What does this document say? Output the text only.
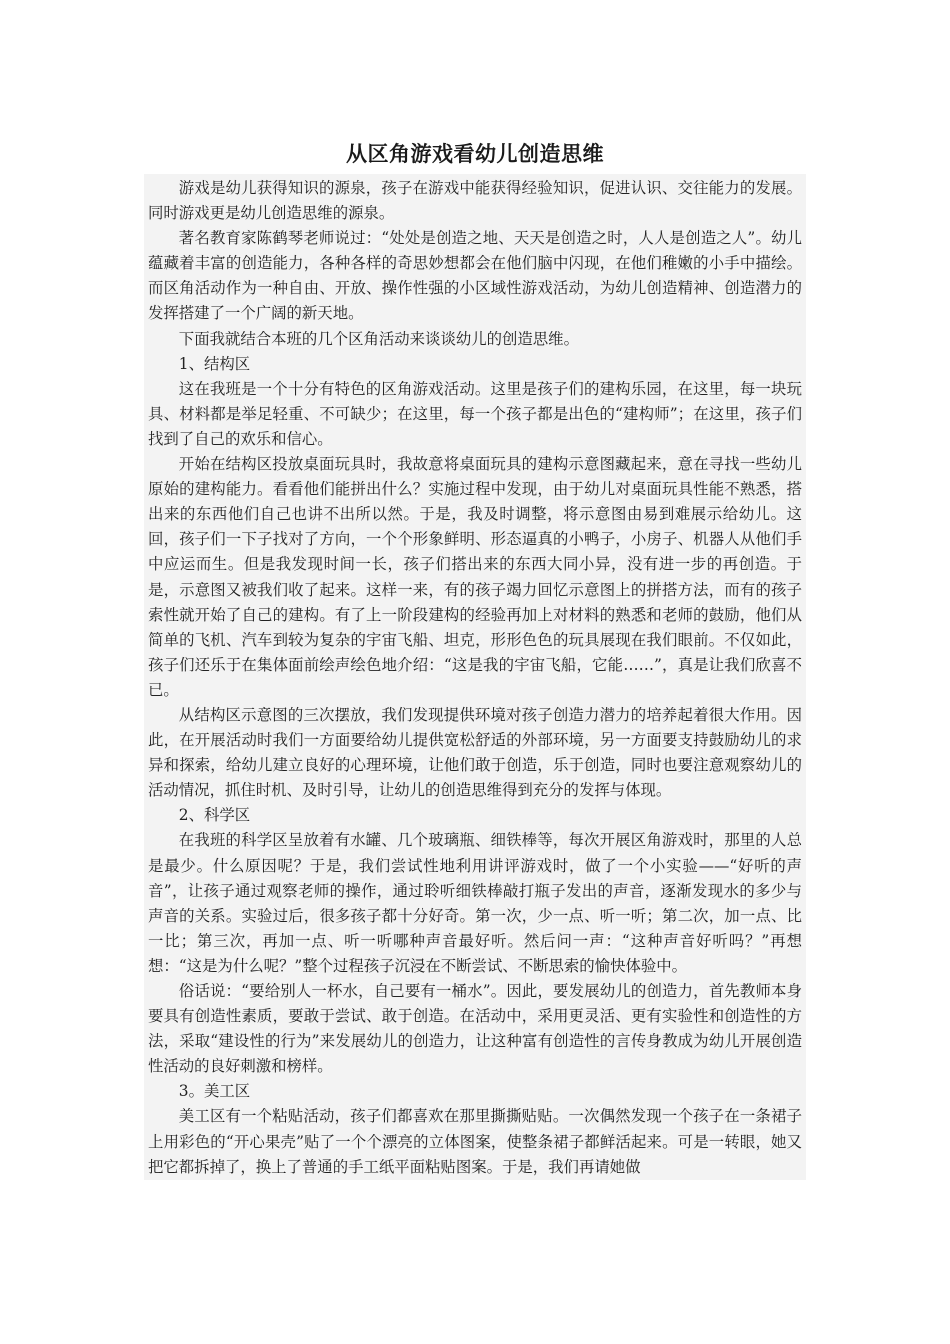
从区角游戏看幼儿创造思维

游戏是幼儿获得知识的源泉，孩子在游戏中能获得经验知识，促进认识、交往能力的发展。同时游戏更是幼儿创造思维的源泉。

著名教育家陈鹤琴老师说过：“处处是创造之地、天天是创造之时，人人是创造之人”。幼儿蕴藏着丰富的创造能力，各种各样的奇思妙想都会在他们脑中闪现，在他们稚嫩的小手中描绘。而区角活动作为一种自由、开放、操作性强的小区域性游戏活动，为幼儿创造精神、创造潜力的发挥搭建了一个广阔的新天地。

下面我就结合本班的几个区角活动来谈谈幼儿的创造思维。

1、结构区

这在我班是一个十分有特色的区角游戏活动。这里是孩子们的建构乐园，在这里，每一块玩具、材料都是举足轻重、不可缺少；在这里，每一个孩子都是出色的“建构师”；在这里，孩子们找到了自己的欢乐和信心。

开始在结构区投放桌面玩具时，我故意将桌面玩具的建构示意图藏起来，意在寻找一些幼儿原始的建构能力。看看他们能拼出什么？实施过程中发现，由于幼儿对桌面玩具性能不熟悉，搭出来的东西他们自己也讲不出所以然。于是，我及时调整，将示意图由易到难展示给幼儿。这回，孩子们一下子找对了方向，一个个形象鲜明、形态逼真的小鸭子，小房子、机器人从他们手中应运而生。但是我发现时间一长，孩子们搭出来的东西大同小异，没有进一步的再创造。于是，示意图又被我们收了起来。这样一来，有的孩子竭力回忆示意图上的拼搭方法，而有的孩子索性就开始了自己的建构。有了上一阶段建构的经验再加上对材料的熟悉和老师的鼓励，他们从简单的飞机、汽车到较为复杂的宇宙飞船、坦克，形形色色的玩具展现在我们眼前。不仅如此，孩子们还乐于在集体面前绘声绘色地介绍：“这是我的宇宙飞船，它能……”，真是让我们欣喜不已。

从结构区示意图的三次摆放，我们发现提供环境对孩子创造力潜力的培养起着很大作用。因此，在开展活动时我们一方面要给幼儿提供宽松舒适的外部环境，另一方面要支持鼓励幼儿的求异和探索，给幼儿建立良好的心理环境，让他们敢于创造，乐于创造，同时也要注意观察幼儿的活动情况，抓住时机、及时引导，让幼儿的创造思维得到充分的发挥与体现。

2、科学区

在我班的科学区呈放着有水罐、几个玻璃瓶、细铁棒等，每次开展区角游戏时，那里的人总是最少。什么原因呢？于是，我们尝试性地利用讲评游戏时，做了一个小实验——“好听的声音”，让孩子通过观察老师的操作，通过聆听细铁棒敲打瓶子发出的声音，逐渐发现水的多少与声音的关系。实验过后，很多孩子都十分好奇。第一次，少一点、听一听；第二次，加一点、比一比；第三次，再加一点、听一听哪种声音最好听。然后问一声：“这种声音好听吗？”再想想：“这是为什么呢？”整个过程孩子沉浸在不断尝试、不断思索的愉快体验中。

俗话说：“要给别人一杯水，自己要有一桶水”。因此，要发展幼儿的创造力，首先教师本身要具有创造性素质，要敢于尝试、敢于创造。在活动中，采用更灵活、更有实验性和创造性的方法，采取“建设性的行为”来发展幼儿的创造力，让这种富有创造性的言传身教成为幼儿开展创造性活动的良好刺激和榜样。

3。美工区

美工区有一个粘贴活动，孩子们都喜欢在那里撕撕贴贴。一次偶然发现一个孩子在一条裙子上用彩色的“开心果壳”贴了一个个漂亮的立体图案，使整条裙子都鲜活起来。可是一转眼，她又把它都拆掉了，换上了普通的手工纸平面粘贴图案。于是，我们再请她做
